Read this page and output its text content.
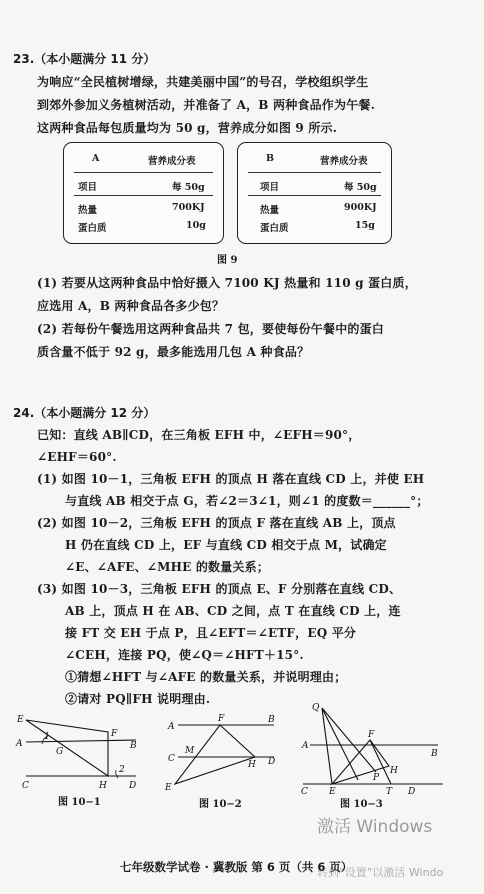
23.（本小题满分 11 分）
为响应“全民植树增绿，共建美丽中国”的号召，学校组织学生
到郊外参加义务植树活动，并准备了 A，B 两种食品作为午餐.
这两种食品每包质量均为 50 g，营养成分如图 9 所示.
A	营养成分表
项目	每 50g
热量	700KJ
蛋白质	10g
B	营养成分表
项目	每 50g
热量	900KJ
蛋白质	15g
图 9
(1) 若要从这两种食品中恰好摄入 7100 KJ 热量和 110 g 蛋白质，
应选用 A，B 两种食品各多少包？
(2) 若每份午餐选用这两种食品共 7 包，要使每份午餐中的蛋白
质含量不低于 92 g，最多能选用几包 A 种食品？
24.（本小题满分 12 分）
已知：直线 AB∥CD，在三角板 EFH 中，∠EFH＝90°，
∠EHF＝60°.
(1) 如图 10－1，三角板 EFH 的顶点 H 落在直线 CD 上，并使 EH
与直线 AB 相交于点 G，若∠2＝3∠1，则∠1 的度数＝______°；
(2) 如图 10－2，三角板 EFH 的顶点 F 落在直线 AB 上，顶点
H 仍在直线 CD 上，EF 与直线 CD 相交于点 M，试确定
∠E、∠AFE、∠MHE 的数量关系；
(3) 如图 10－3，三角板 EFH 的顶点 E、F 分别落在直线 CD、
AB 上，顶点 H 在 AB、CD 之间，点 T 在直线 CD 上，连
接 FT 交 EH 于点 P，且∠EFT＝∠ETF，EQ 平分
∠CEH，连接 PQ，使∠Q＝∠HFT＋15°.
①猜想∠HFT 与∠AFE 的数量关系，并说明理由；
②请对 PQ∥FH 说明理由.
E
A
1
G
F
B
2
C	H D
图 10−1
A
F	B
C
M
H D
E
图 10−2
Q
F
A
B
H
P
C E	T D
图 10−3
激活 Windows
转到“设置”以激活 Windo
七年级数学试卷 · 冀教版 第 6 页（共 6 页）
